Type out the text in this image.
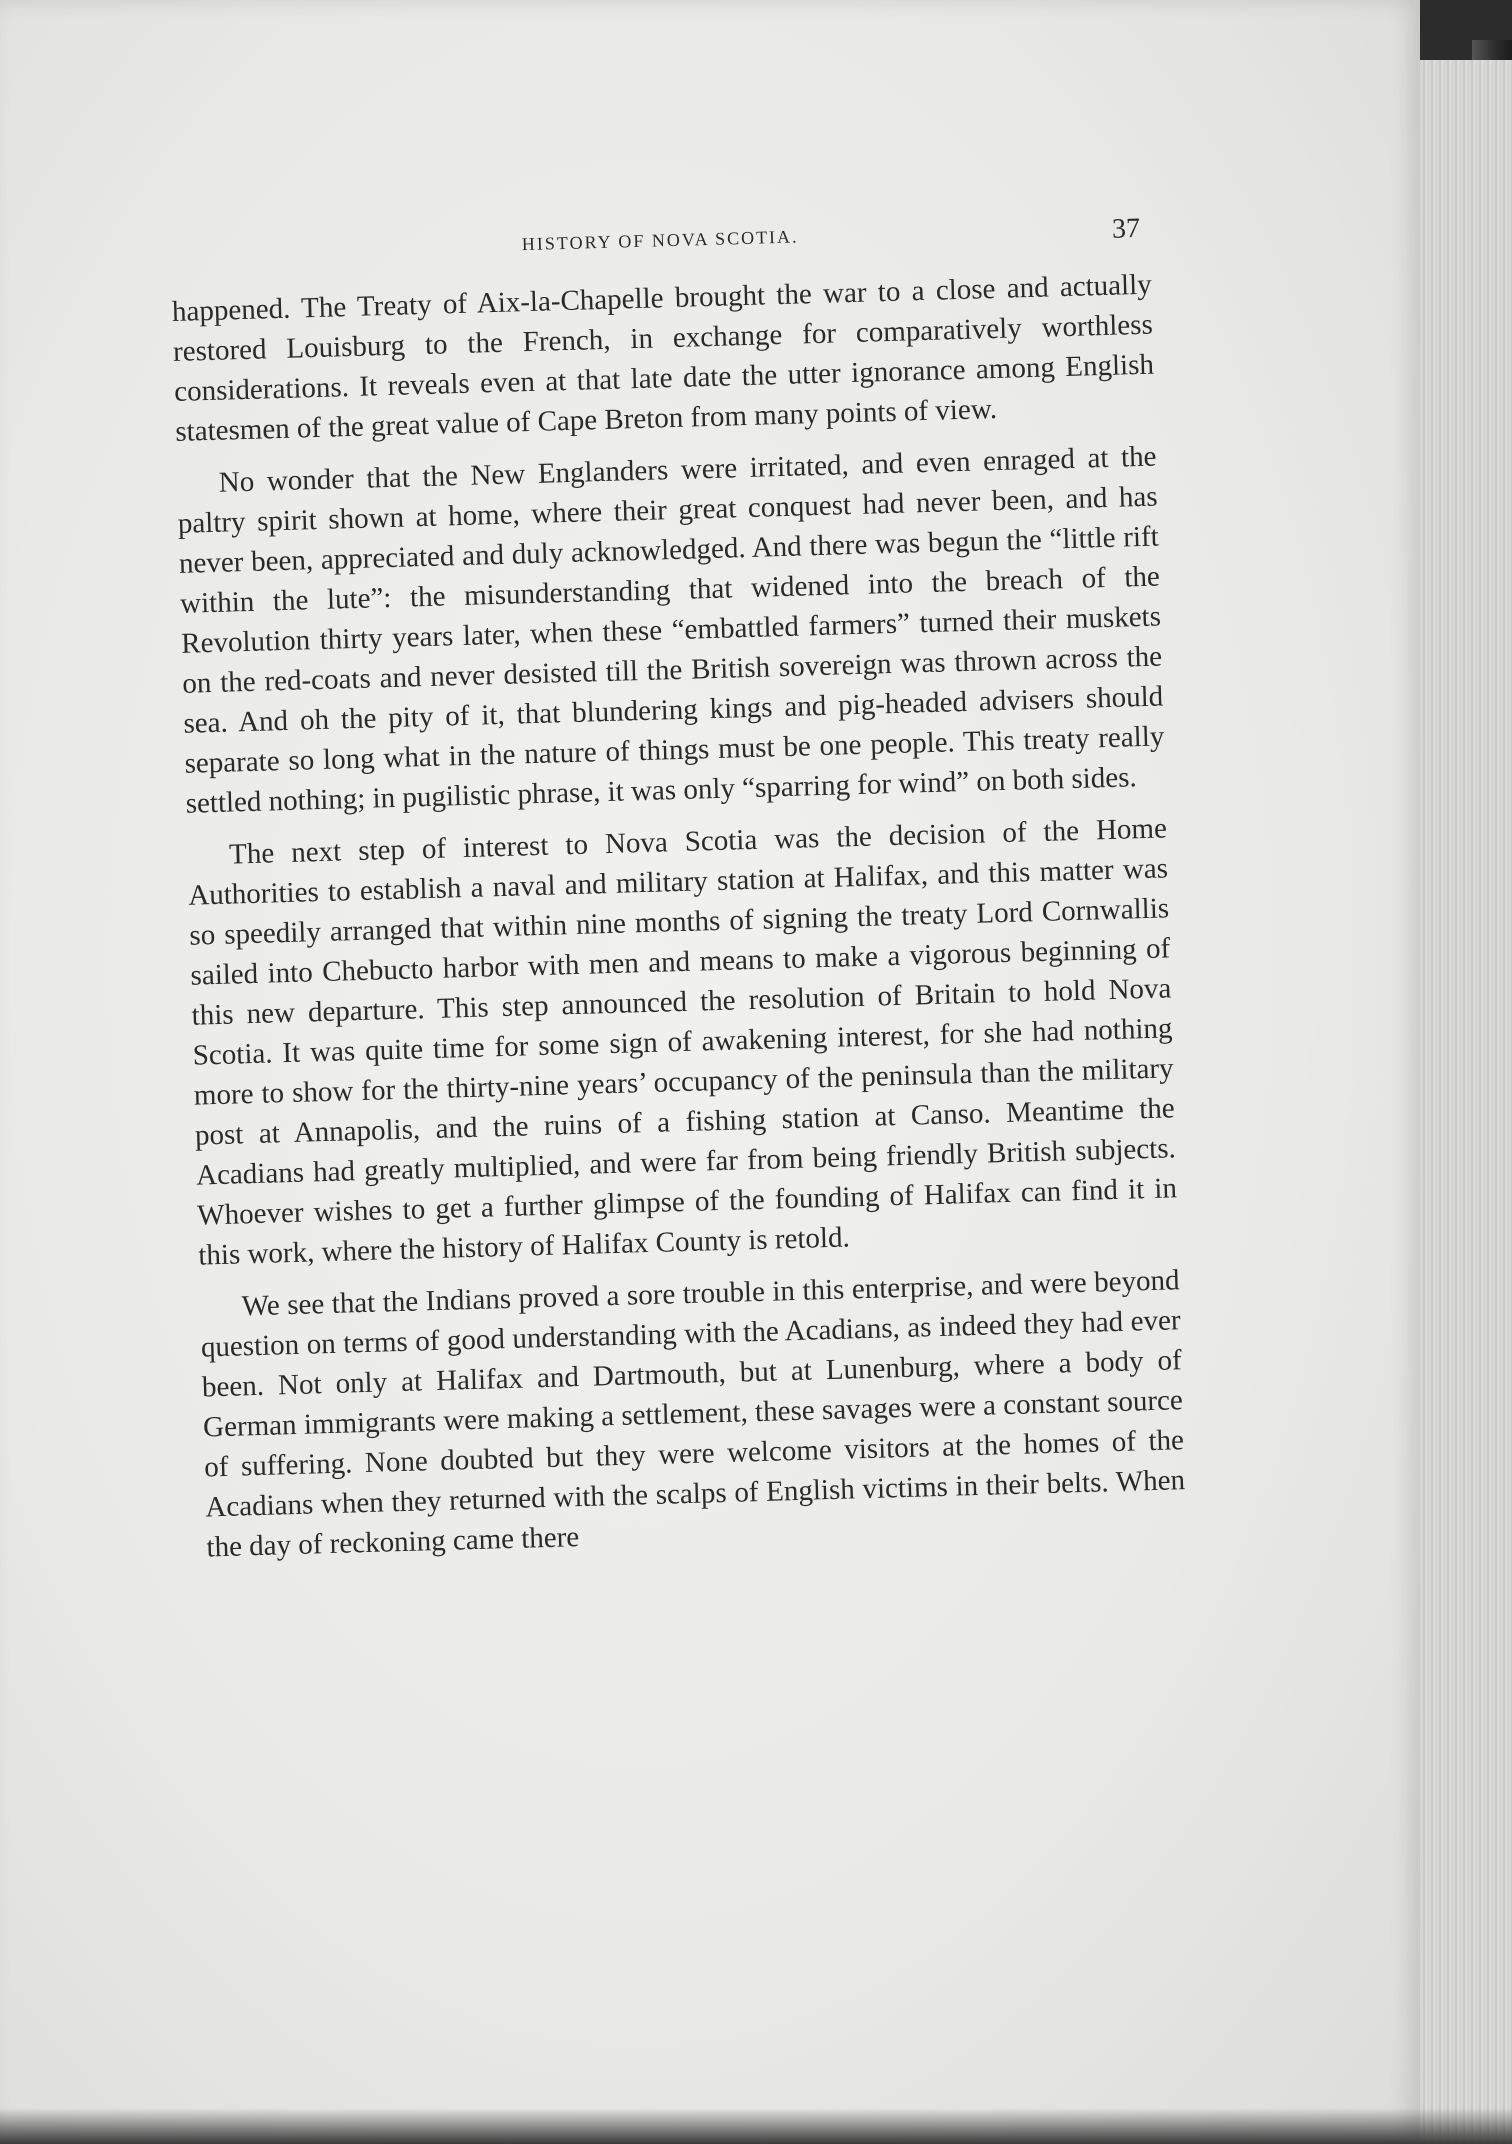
HISTORY OF NOVA SCOTIA.	37

happened. The Treaty of Aix-la-Chapelle brought the war to a close and actually restored Louisburg to the French, in exchange for comparatively worthless considerations. It reveals even at that late date the utter ignorance among English statesmen of the great value of Cape Breton from many points of view.

No wonder that the New Englanders were irritated, and even enraged at the paltry spirit shown at home, where their great conquest had never been, and has never been, appreciated and duly acknowledged. And there was begun the “little rift within the lute”: the misunderstanding that widened into the breach of the Revolution thirty years later, when these “embattled farmers” turned their muskets on the red-coats and never desisted till the British sovereign was thrown across the sea. And oh the pity of it, that blundering kings and pig-headed advisers should separate so long what in the nature of things must be one people. This treaty really settled nothing; in pugilistic phrase, it was only “sparring for wind” on both sides.

The next step of interest to Nova Scotia was the decision of the Home Authorities to establish a naval and military station at Halifax, and this matter was so speedily arranged that within nine months of signing the treaty Lord Cornwallis sailed into Chebucto harbor with men and means to make a vigorous beginning of this new departure. This step announced the resolution of Britain to hold Nova Scotia. It was quite time for some sign of awakening interest, for she had nothing more to show for the thirty-nine years’ occupancy of the peninsula than the military post at Annapolis, and the ruins of a fishing station at Canso. Meantime the Acadians had greatly multiplied, and were far from being friendly British subjects. Whoever wishes to get a further glimpse of the founding of Halifax can find it in this work, where the history of Halifax County is retold.

We see that the Indians proved a sore trouble in this enterprise, and were beyond question on terms of good understanding with the Acadians, as indeed they had ever been. Not only at Halifax and Dartmouth, but at Lunenburg, where a body of German immigrants were making a settlement, these savages were a constant source of suffering. None doubted but they were welcome visitors at the homes of the Acadians when they returned with the scalps of English victims in their belts. When the day of reckoning came there
